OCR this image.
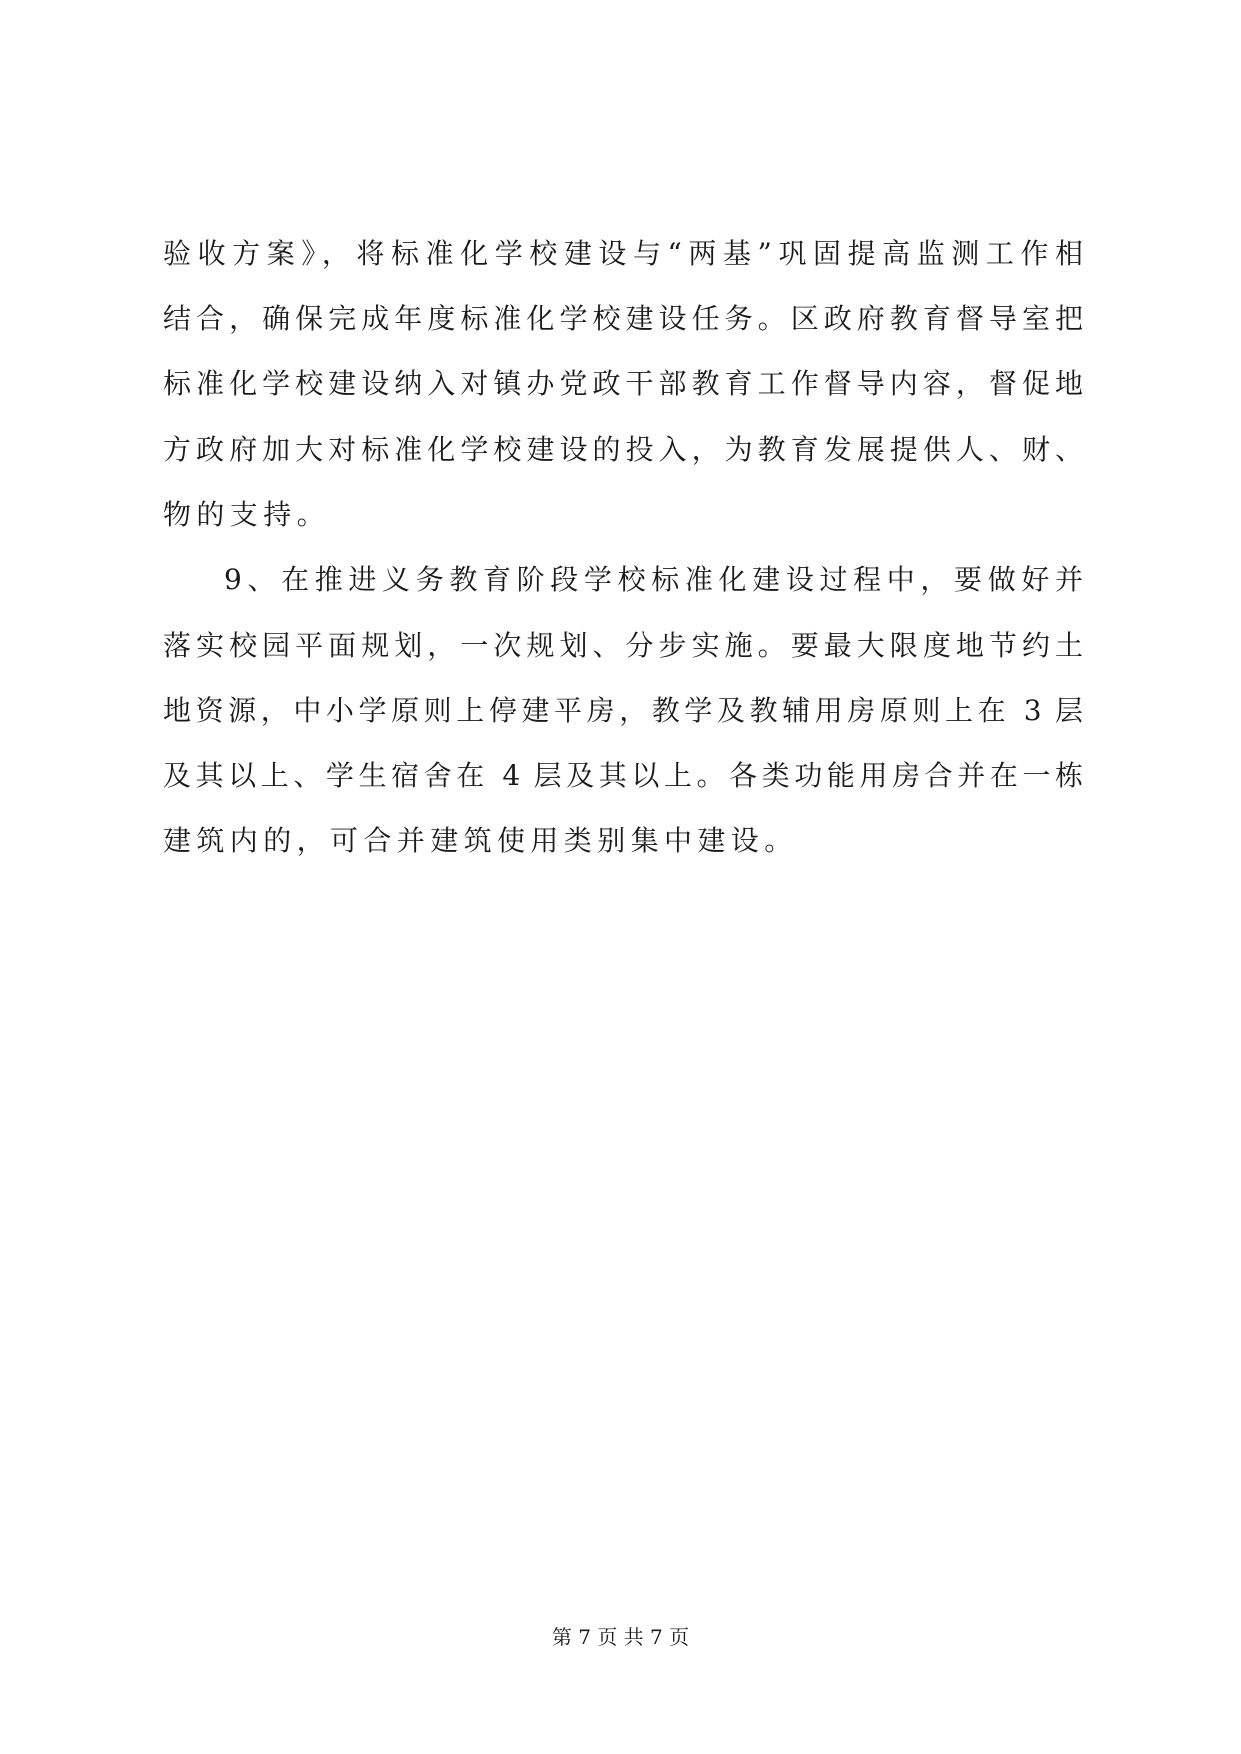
验收方案》，将标准化学校建设与“两基”巩固提高监测工作相
结合，确保完成年度标准化学校建设任务。区政府教育督导室把
标准化学校建设纳入对镇办党政干部教育工作督导内容，督促地
方政府加大对标准化学校建设的投入，为教育发展提供人、财、
物的支持。
9、在推进义务教育阶段学校标准化建设过程中，要做好并
落实校园平面规划，一次规划、分步实施。要最大限度地节约土
地资源，中小学原则上停建平房，教学及教辅用房原则上在 3 层
及其以上、学生宿舍在 4 层及其以上。各类功能用房合并在一栋
建筑内的，可合并建筑使用类别集中建设。
第 7 页 共 7 页
